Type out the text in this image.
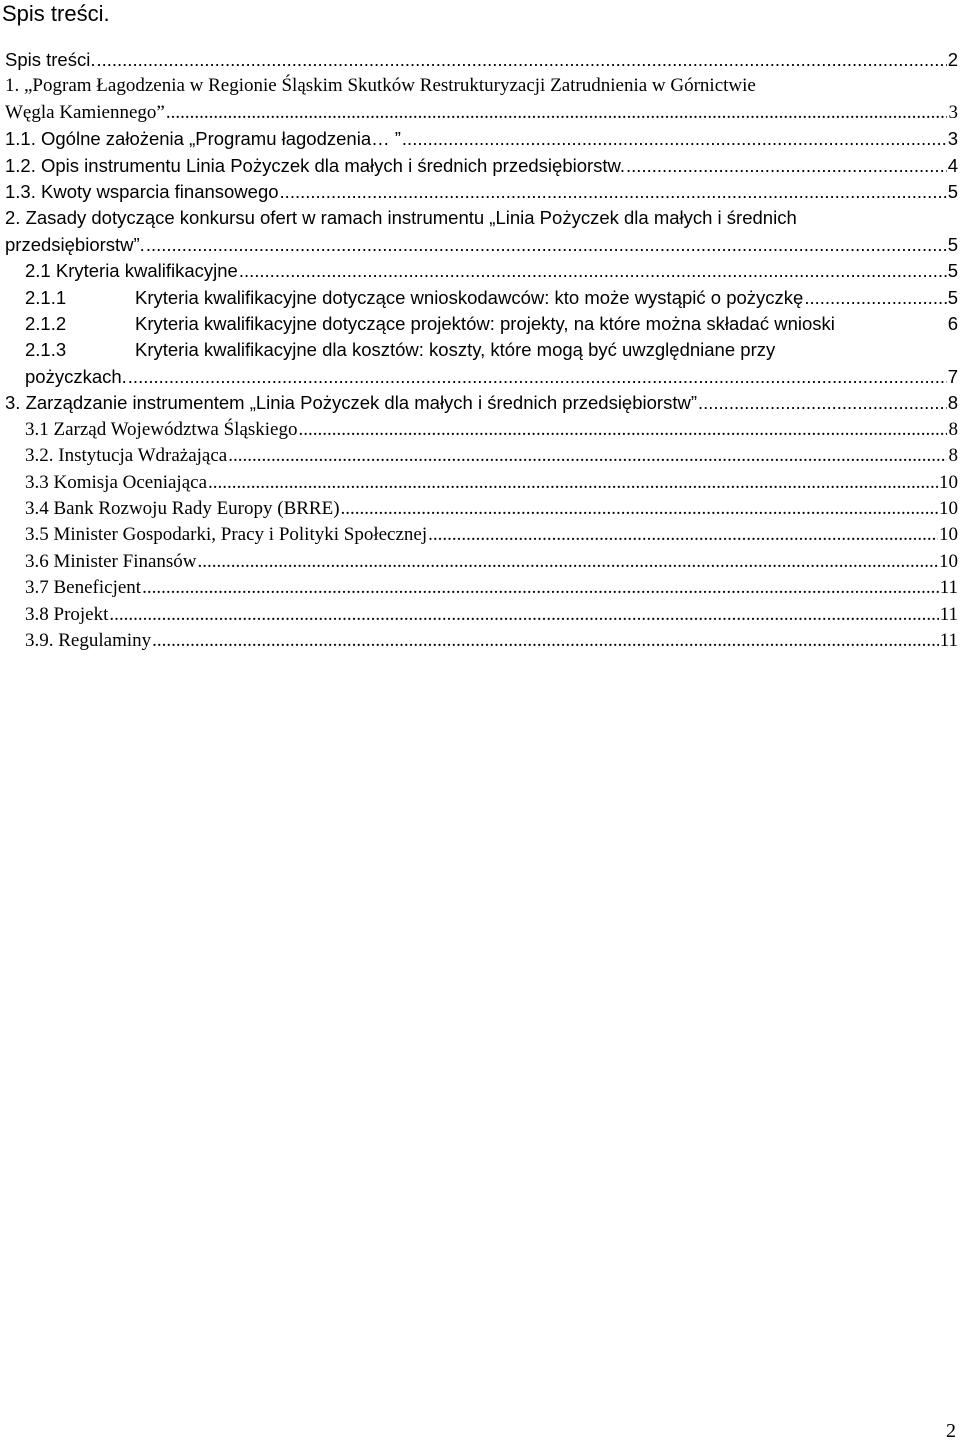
Spis treści.
Spis treści. .....	2
1. „Pogram Łagodzenia w Regionie Śląskim Skutków Restrukturyzacji Zatrudnienia w Górnictwie
Węgla Kamiennego” .....	3
1.1. Ogólne założenia „Programu łagodzenia… ” .....	3
1.2. Opis instrumentu Linia Pożyczek dla małych i średnich przedsiębiorstw. .....	4
1.3. Kwoty wsparcia finansowego .....	5
2. Zasady dotyczące konkursu ofert w ramach instrumentu „Linia Pożyczek dla małych i średnich
przedsiębiorstw”. .....	5
2.1 Kryteria kwalifikacyjne .....	5
2.1.1	Kryteria kwalifikacyjne dotyczące wnioskodawców: kto może wystąpić o pożyczkę .....	5
2.1.2	Kryteria kwalifikacyjne dotyczące projektów: projekty, na które można składać wnioski	6
2.1.3	Kryteria kwalifikacyjne dla kosztów: koszty, które mogą być uwzględniane przy
pożyczkach. .....	7
3. Zarządzanie instrumentem „Linia Pożyczek dla małych i średnich przedsiębiorstw” .....	8
3.1 Zarząd Województwa Śląskiego .....	8
3.2. Instytucja Wdrażająca .....	8
3.3 Komisja Oceniająca .....	10
3.4 Bank Rozwoju Rady Europy (BRRE) .....	10
3.5 Minister Gospodarki, Pracy i Polityki Społecznej .....	10
3.6 Minister Finansów .....	10
3.7 Beneficjent .....	11
3.8 Projekt .....	11
3.9. Regulaminy .....	11
2
